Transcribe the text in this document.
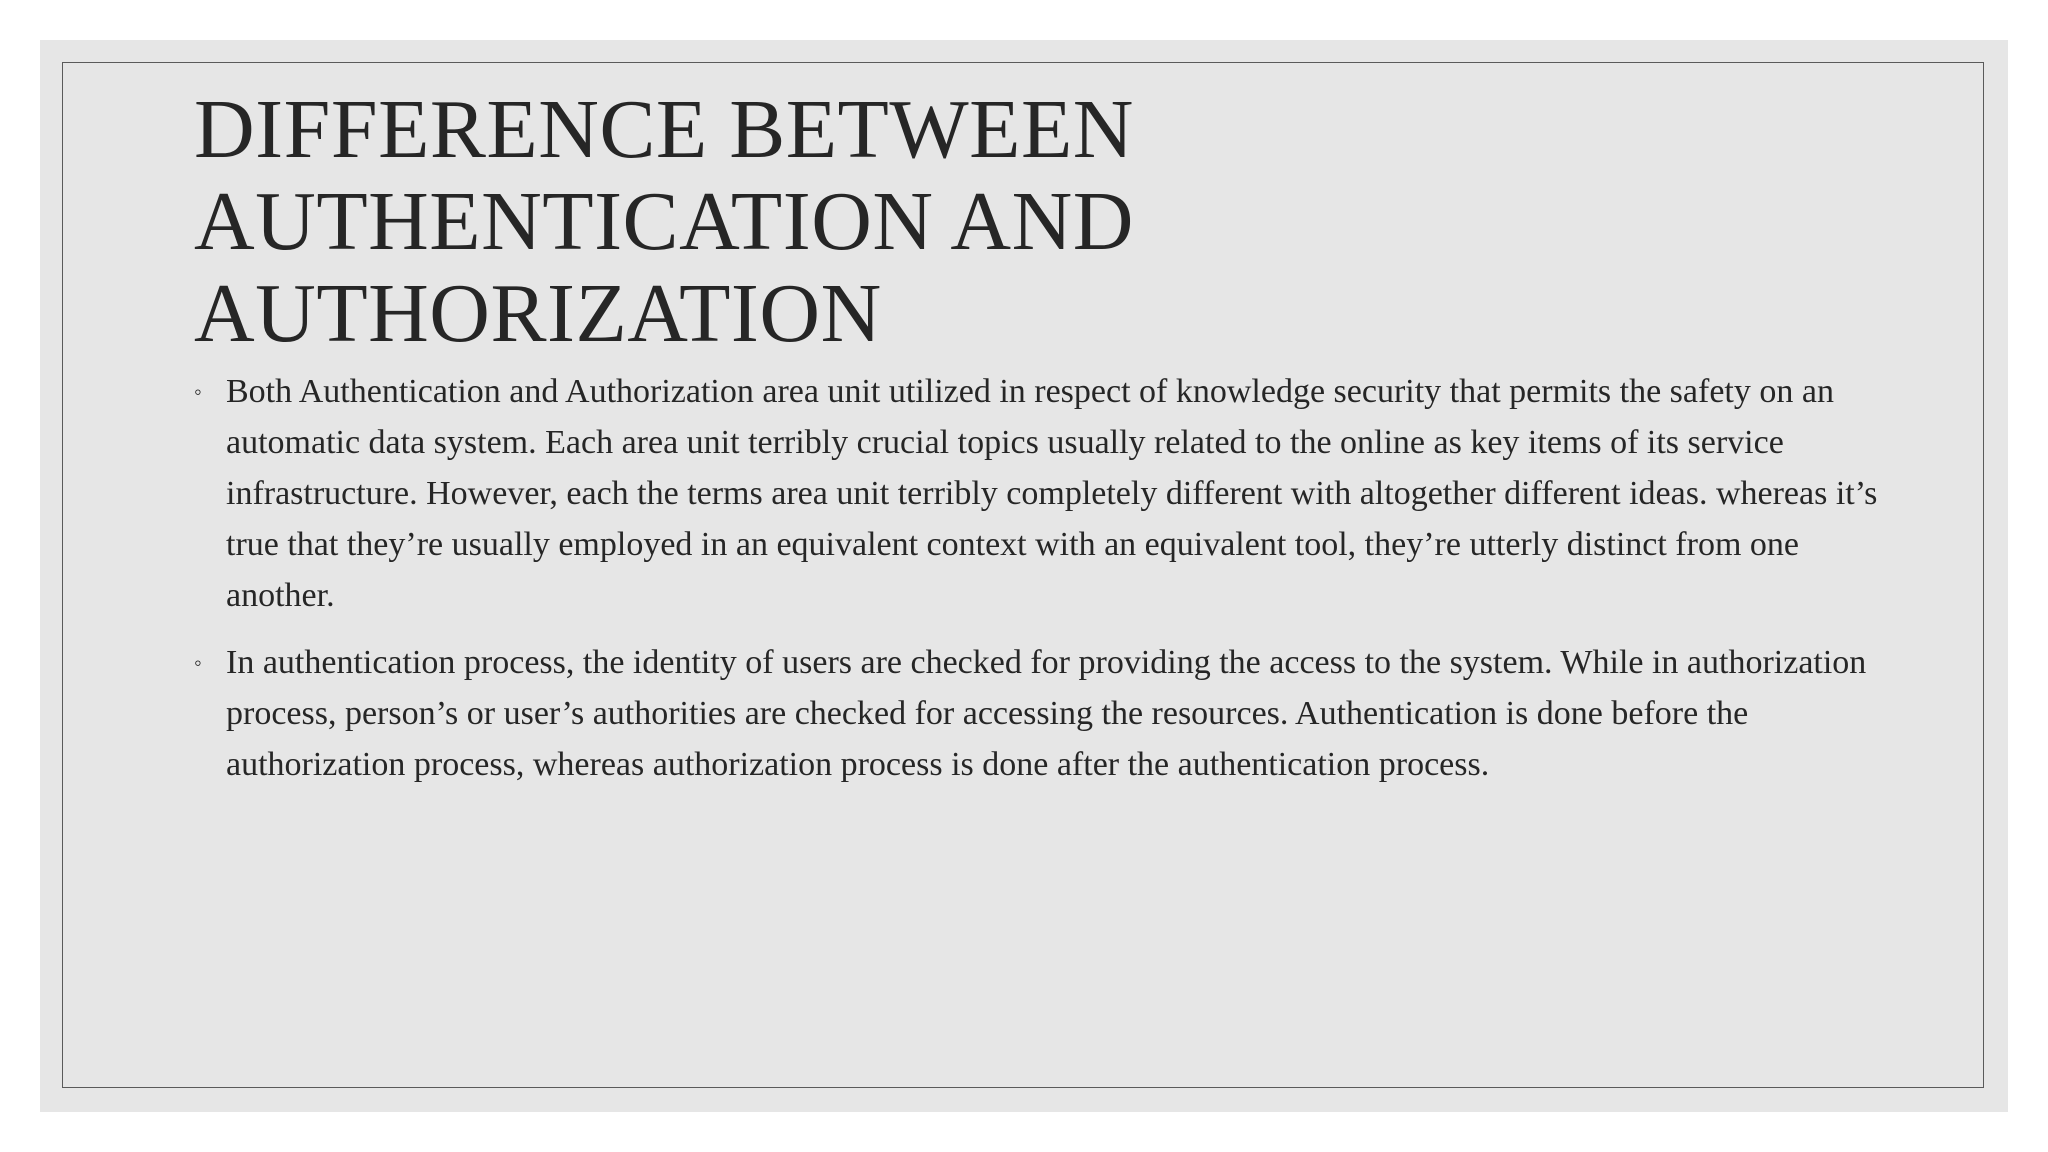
DIFFERENCE BETWEEN AUTHENTICATION AND AUTHORIZATION
◦ Both Authentication and Authorization area unit utilized in respect of knowledge security that permits the safety on an automatic data system. Each area unit terribly crucial topics usually related to the online as key items of its service infrastructure. However, each the terms area unit terribly completely different with altogether different ideas. whereas it’s true that they’re usually employed in an equivalent context with an equivalent tool, they’re utterly distinct from one another.
◦ In authentication process, the identity of users are checked for providing the access to the system. While in authorization process, person’s or user’s authorities are checked for accessing the resources. Authentication is done before the authorization process, whereas authorization process is done after the authentication process.
